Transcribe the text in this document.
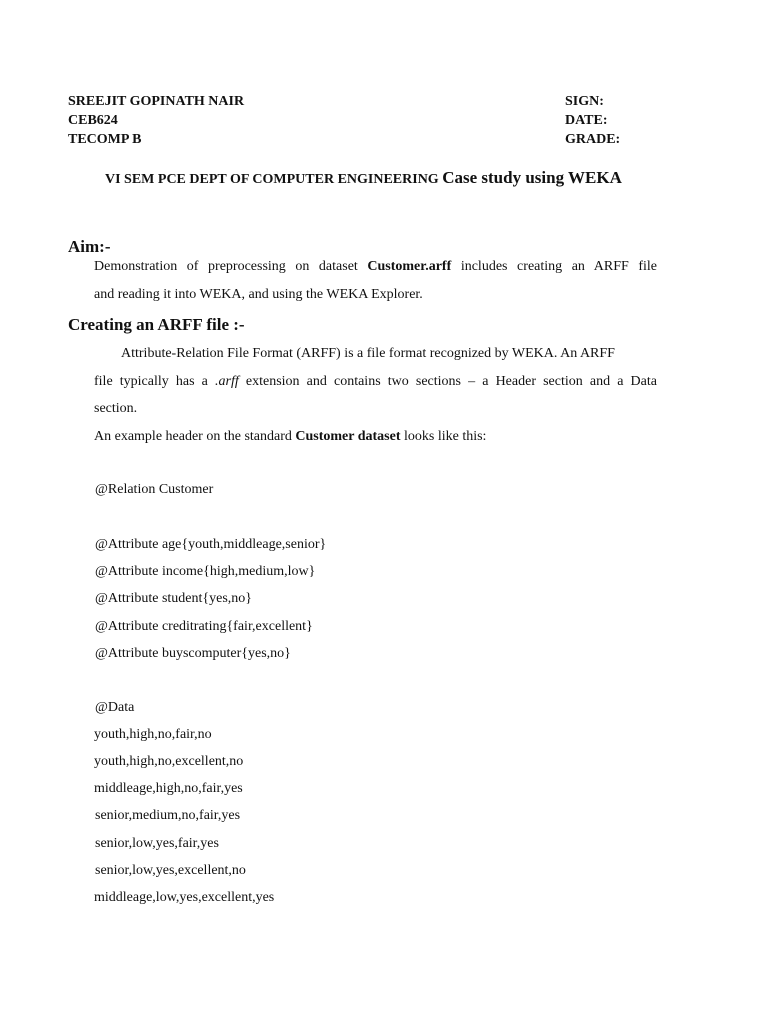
SREEJIT GOPINATH NAIR
CEB624
TECOMP B
SIGN:
DATE:
GRADE:
VI SEM PCE DEPT OF COMPUTER ENGINEERING Case study using WEKA
Aim:-
Demonstration of preprocessing on dataset Customer.arff includes creating an ARFF file
and reading it into WEKA, and using the WEKA Explorer.
Creating an ARFF file :-
Attribute-Relation File Format (ARFF) is a file format recognized by WEKA. An ARFF
file typically has a .arff extension and contains two sections – a Header section and a Data
section.
An example header on the standard Customer dataset looks like this:
@Relation Customer
@Attribute age{youth,middleage,senior}
@Attribute income{high,medium,low}
@Attribute student{yes,no}
@Attribute creditrating{fair,excellent}
@Attribute buyscomputer{yes,no}
@Data
youth,high,no,fair,no
youth,high,no,excellent,no
middleage,high,no,fair,yes
senior,medium,no,fair,yes
senior,low,yes,fair,yes
senior,low,yes,excellent,no
middleage,low,yes,excellent,yes
